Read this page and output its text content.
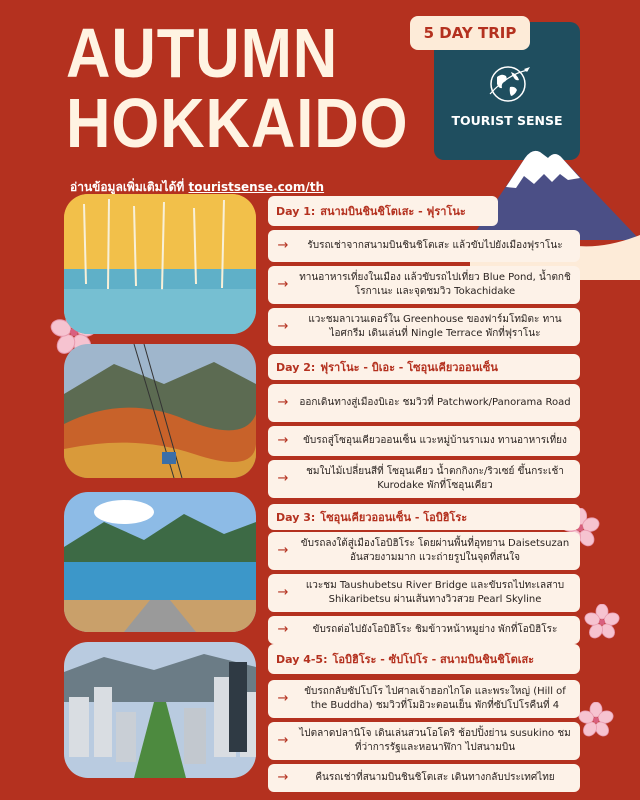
AUTUMN
HOKKAIDO
อ่านข้อมูลเพิ่มเติมได้ที่ touristsense.com/th
TOURIST SENSE
5 DAY TRIP
Day 1: สนามบินชินชิโตเสะ - ฟุราโนะ
→	รับรถเช่าจากสนามบินชินชิโตเสะ แล้วขับไปยังเมืองฟุราโนะ
→	ทานอาหารเที่ยงในเมือง แล้วขับรถไปเที่ยว Blue Pond, น้ำตกชิโรกาเนะ และจุดชมวิว Tokachidake
→	แวะชมลาเวนเดอร์ใน Greenhouse ของฟาร์มโทมิตะ ทานไอศกรีม เดินเล่นที่ Ningle Terrace พักที่ฟุราโนะ
Day 2: ฟุราโนะ - บิเอะ - โซอุนเคียวออนเซ็น
→	ออกเดินทางสู่เมืองบิเอะ ชมวิวที่ Patchwork/Panorama Road
→	ขับรถสู่โซอุนเคียวออนเซ็น แวะหมู่บ้านราเมง ทานอาหารเที่ยง
→	ชมใบไม้เปลี่ยนสีที่ โซอุนเคียว น้ำตกกิงกะ/ริวเซย์ ขึ้นกระเช้า Kurodake พักที่โซอุนเคียว
Day 3: โซอุนเคียวออนเซ็น - โอบิฮิโระ
→	ขับรถลงใต้สู่เมืองโอบิฮิโระ โดยผ่านพื้นที่อุทยาน Daisetsuzan อันสวยงามมาก แวะถ่ายรูปในจุดที่สนใจ
→	แวะชม Taushubetsu River Bridge และขับรถไปทะเลสาบ Shikaribetsu ผ่านเส้นทางวิวสวย Pearl Skyline
→	ขับรถต่อไปยังโอบิฮิโระ ชิมข้าวหน้าหมูย่าง พักที่โอบิฮิโระ
Day 4-5: โอบิฮิโระ - ซัปโปโร - สนามบินชินชิโตเสะ
→	ขับรถกลับซัปโปโร ไปศาลเจ้าฮอกไกโด และพระใหญ่ (Hill of the Buddha) ชมวิวที่โมอิวะตอนเย็น พักที่ซัปโปโรคืนที่ 4
→	ไปตลาดปลานิโจ เดินเล่นสวนโอโดริ ช้อปปิ้งย่าน susukino ชมที่ว่าการรัฐและหอนาฬิกา ไปสนามบิน
→	คืนรถเช่าที่สนามบินชินชิโตเสะ เดินทางกลับประเทศไทย
